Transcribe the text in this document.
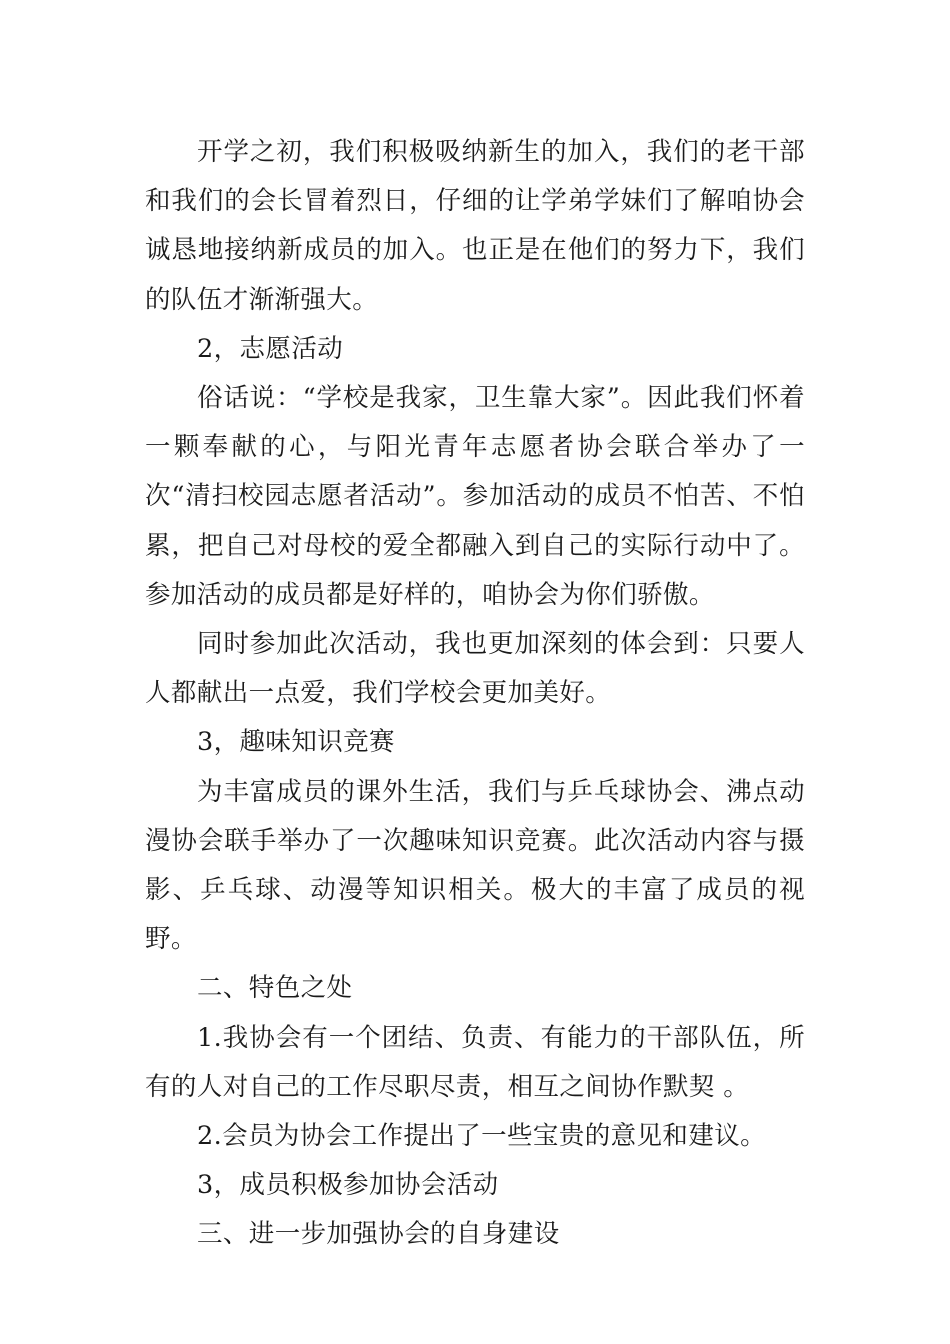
开学之初，我们积极吸纳新生的加入，我们的老干部和我们的会长冒着烈日，仔细的让学弟学妹们了解咱协会诚恳地接纳新成员的加入。也正是在他们的努力下，我们的队伍才渐渐强大。

2，志愿活动

俗话说：“学校是我家，卫生靠大家”。因此我们怀着一颗奉献的心，与阳光青年志愿者协会联合举办了一次“清扫校园志愿者活动”。参加活动的成员不怕苦、不怕累，把自己对母校的爱全都融入到自己的实际行动中了。参加活动的成员都是好样的，咱协会为你们骄傲。

同时参加此次活动，我也更加深刻的体会到：只要人人都献出一点爱，我们学校会更加美好。

3，趣味知识竞赛

为丰富成员的课外生活，我们与乒乓球协会、沸点动漫协会联手举办了一次趣味知识竞赛。此次活动内容与摄影、乒乓球、动漫等知识相关。极大的丰富了成员的视野。

二、特色之处

1.我协会有一个团结、负责、有能力的干部队伍，所有的人对自己的工作尽职尽责，相互之间协作默契 。

2.会员为协会工作提出了一些宝贵的意见和建议。

3，成员积极参加协会活动

三、进一步加强协会的自身建设
